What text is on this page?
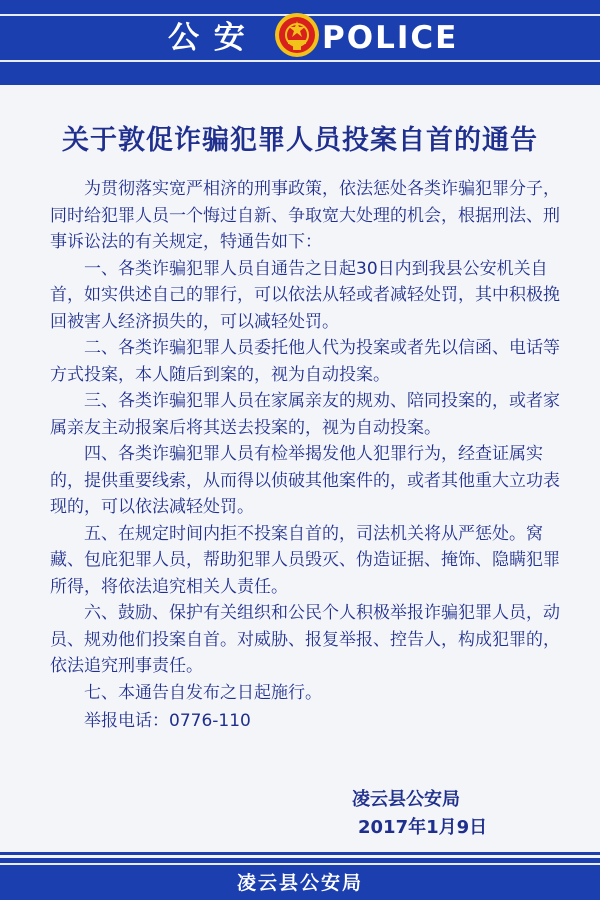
公 安 POLICE
关于敦促诈骗犯罪人员投案自首的通告

为贯彻落实宽严相济的刑事政策，依法惩处各类诈骗犯罪分子，同时给犯罪人员一个悔过自新、争取宽大处理的机会，根据刑法、刑事诉讼法的有关规定，特通告如下：

一、各类诈骗犯罪人员自通告之日起30日内到我县公安机关自首，如实供述自己的罪行，可以依法从轻或者减轻处罚，其中积极挽回被害人经济损失的，可以减轻处罚。

二、各类诈骗犯罪人员委托他人代为投案或者先以信函、电话等方式投案，本人随后到案的，视为自动投案。

三、各类诈骗犯罪人员在家属亲友的规劝、陪同投案的，或者家属亲友主动报案后将其送去投案的，视为自动投案。

四、各类诈骗犯罪人员有检举揭发他人犯罪行为，经查证属实的，提供重要线索，从而得以侦破其他案件的，或者其他重大立功表现的，可以依法减轻处罚。

五、在规定时间内拒不投案自首的，司法机关将从严惩处。窝藏、包庇犯罪人员，帮助犯罪人员毁灭、伪造证据、掩饰、隐瞒犯罪所得，将依法追究相关人责任。

六、鼓励、保护有关组织和公民个人积极举报诈骗犯罪人员，动员、规劝他们投案自首。对威胁、报复举报、控告人，构成犯罪的，依法追究刑事责任。

七、本通告自发布之日起施行。

举报电话：0776-110

凌云县公安局
2017年1月9日
凌云县公安局
